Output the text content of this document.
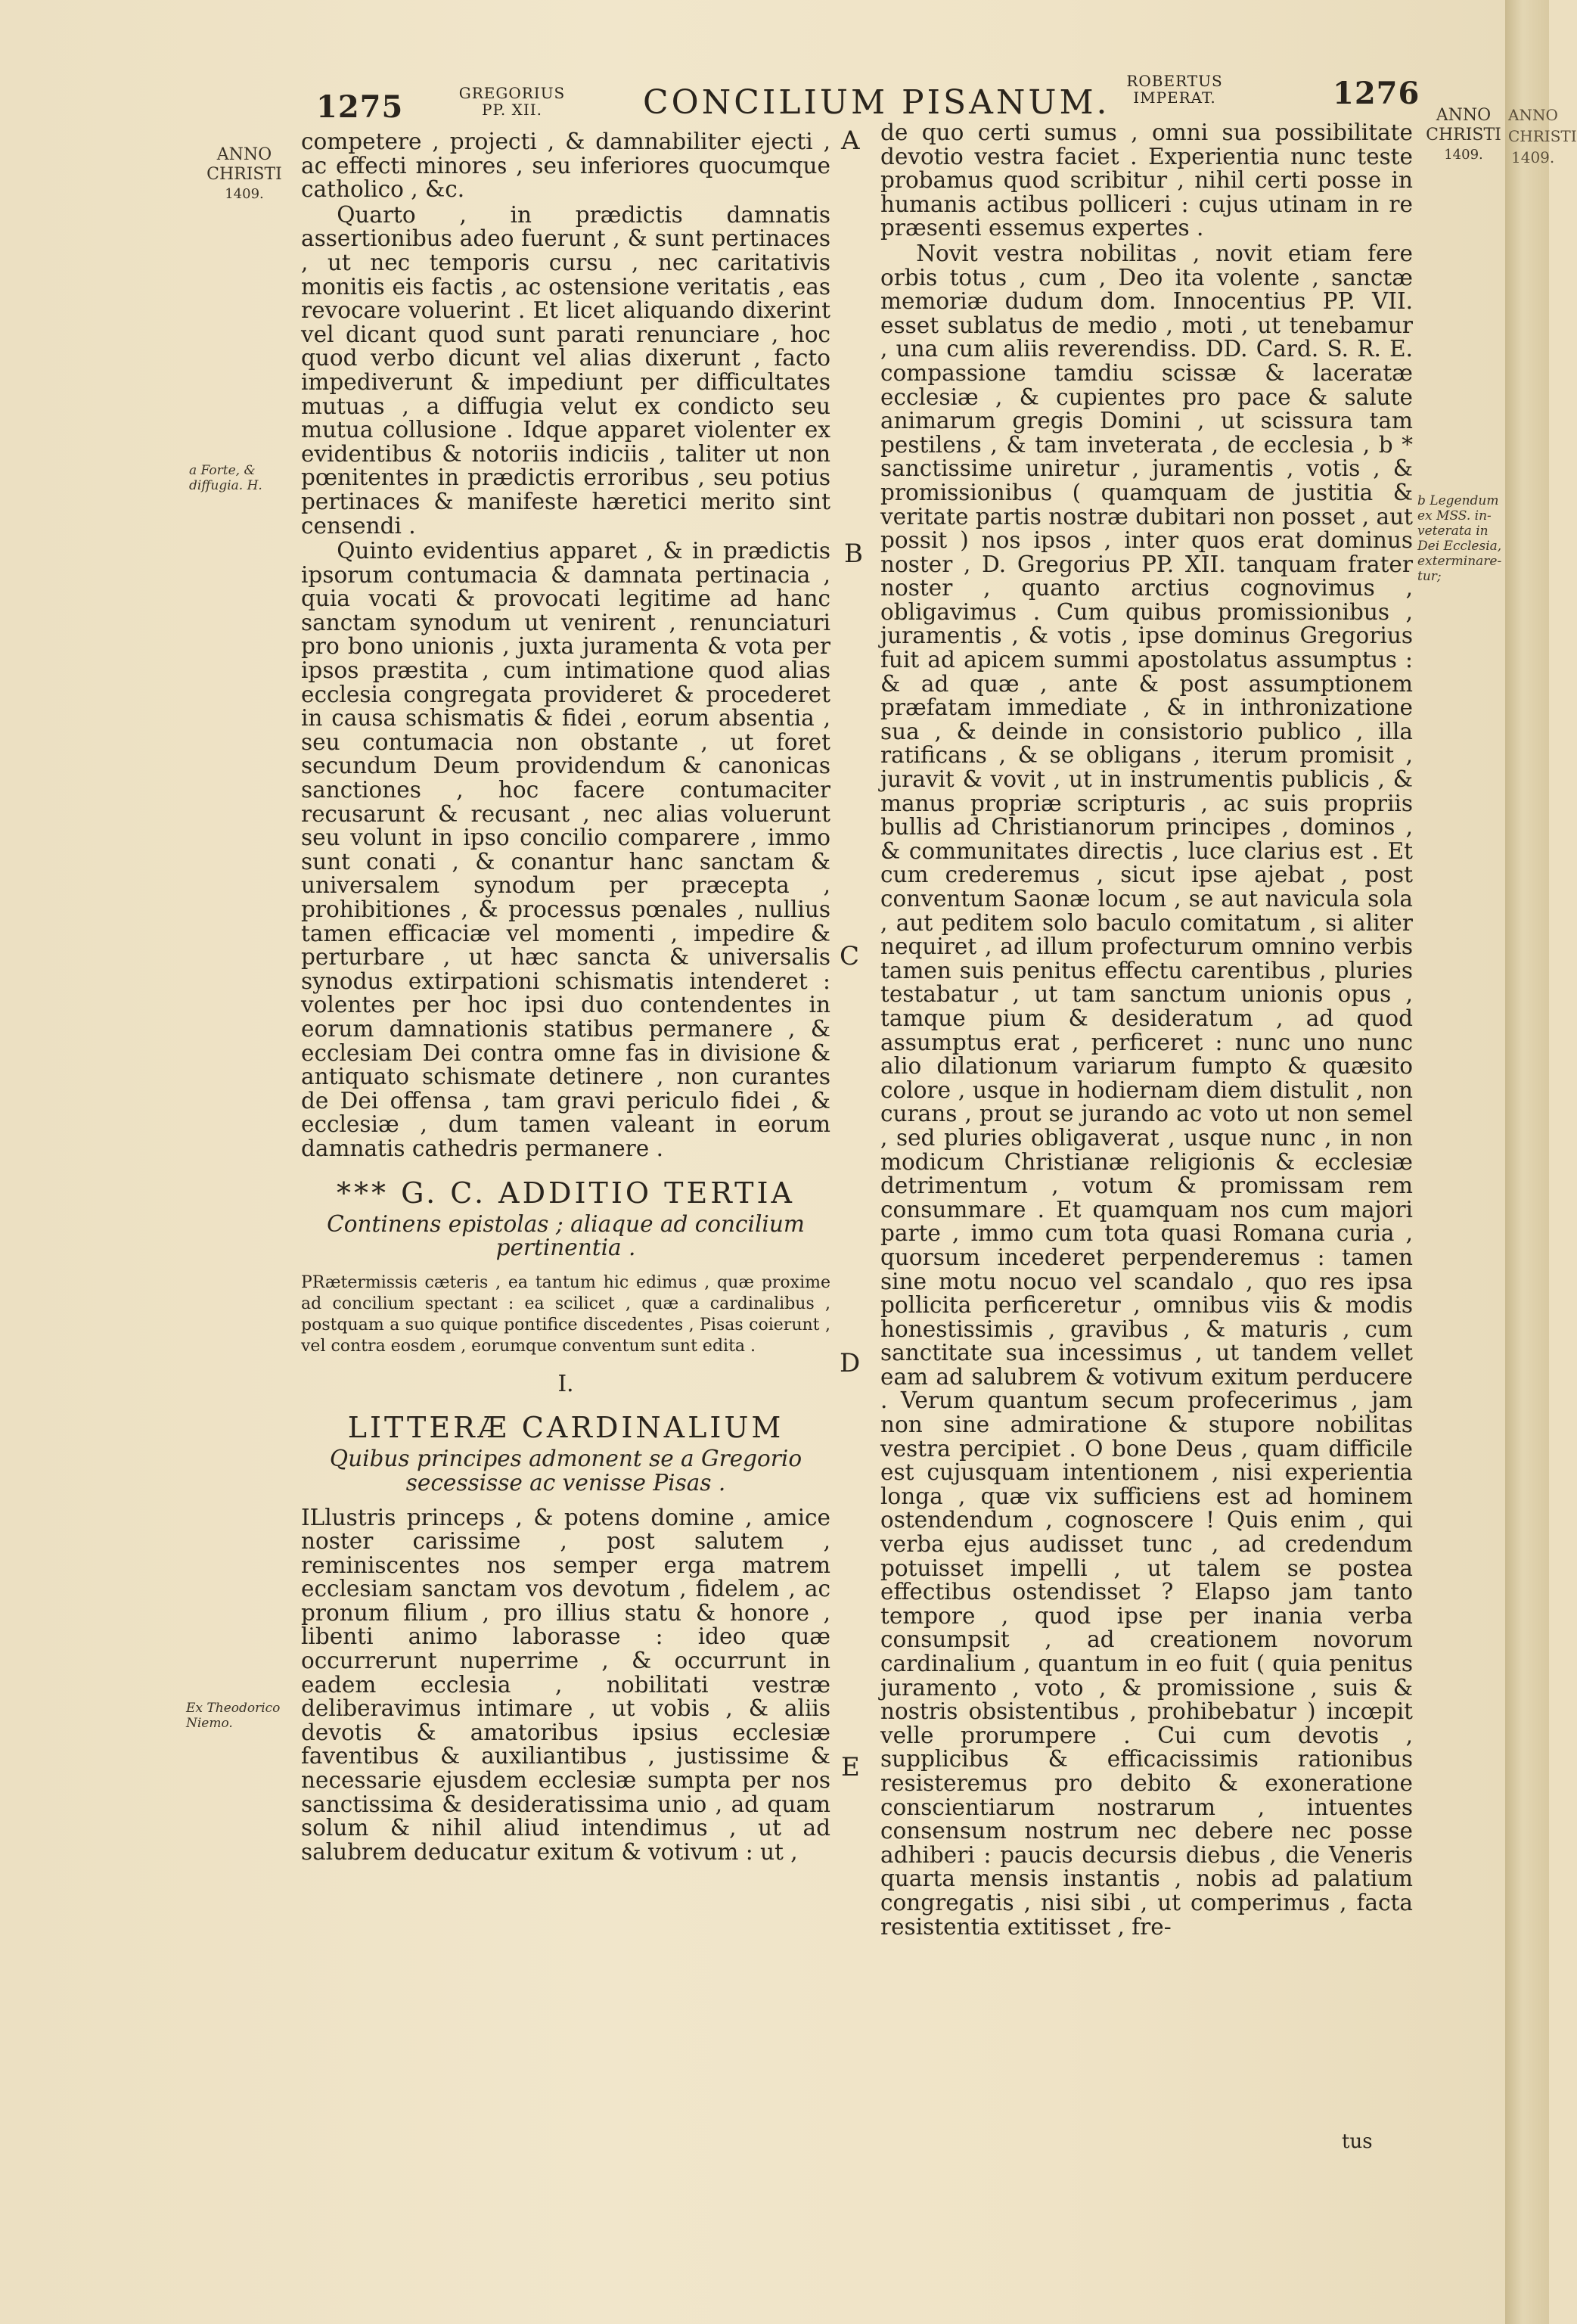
ANNO
CHRISTI
1409.
1275	GREGORIUS
PP. XII.	CONCILIUM PISANUM.
ROBERTUS
IMPERAT.	1276
ANNO
CHRISTI
1409.
a Forte, & diffugia. H.
Ex Theodorico Niemo.
ANNO
CHRISTI
1409.
b Legendum ex MSS. in-veterata in Dei Ecclesia, exterminare-tur;
A
B
C
D
E

competere , projecti , & damnabiliter ejecti , ac effecti minores , seu inferiores quocumque catholico , &c.

Quarto , in prædictis damnatis assertionibus adeo fuerunt , & sunt pertinaces , ut nec temporis cursu , nec caritativis monitis eis factis , ac ostensione veritatis , eas revocare voluerint . Et licet aliquando dixerint vel dicant quod sunt parati renunciare , hoc quod verbo dicunt vel alias dixerunt , facto impediverunt & impediunt per difficultates mutuas , a diffugia velut ex condicto seu mutua collusione . Idque apparet violenter ex evidentibus & notoriis indiciis , taliter ut non pœnitentes in prædictis erroribus , seu potius pertinaces & manifeste hæretici merito sint censendi .

Quinto evidentius apparet , & in prædictis ipsorum contumacia & damnata pertinacia , quia vocati & provocati legitime ad hanc sanctam synodum ut venirent , renunciaturi pro bono unionis , juxta juramenta & vota per ipsos præstita , cum intimatione quod alias ecclesia congregata provideret & procederet in causa schismatis & fidei , eorum absentia , seu contumacia non obstante , ut foret secundum Deum providendum & canonicas sanctiones , hoc facere contumaciter recusarunt & recusant , nec alias voluerunt seu volunt in ipso concilio comparere , immo sunt conati , & conantur hanc sanctam & universalem synodum per præcepta , prohibitiones , & processus pœnales , nullius tamen efficaciæ vel momenti , impedire & perturbare , ut hæc sancta & universalis synodus extirpationi schismatis intenderet : volentes per hoc ipsi duo contendentes in eorum damnationis statibus permanere , & ecclesiam Dei contra omne fas in divisione & antiquato schismate detinere , non curantes de Dei offensa , tam gravi periculo fidei , & ecclesiæ , dum tamen valeant in eorum damnatis cathedris permanere .

*** G. C. ADDITIO TERTIA

Continens epistolas ; aliaque ad concilium pertinentia .

PRætermissis cæteris , ea tantum hic edimus , quæ proxime ad concilium spectant : ea scilicet , quæ a cardinalibus , postquam a suo quique pontifice discedentes , Pisas coierunt , vel contra eosdem , eorumque conventum sunt edita .

I.

LITTERÆ CARDINALIUM

Quibus principes admonent se a Gregorio secessisse ac venisse Pisas .

ILlustris princeps , & potens domine , amice noster carissime , post salutem , reminiscentes nos semper erga matrem ecclesiam sanctam vos devotum , fidelem , ac pronum filium , pro illius statu & honore , libenti animo laborasse : ideo quæ occurrerunt nuperrime , & occurrunt in eadem ecclesia , nobilitati vestræ deliberavimus intimare , ut vobis , & aliis devotis & amatoribus ipsius ecclesiæ faventibus & auxiliantibus , justissime & necessarie ejusdem ecclesiæ sumpta per nos sanctissima & desideratissima unio , ad quam solum & nihil aliud intendimus , ut ad salubrem deducatur exitum & votivum : ut ,

de quo certi sumus , omni sua possibilitate devotio vestra faciet . Experientia nunc teste probamus quod scribitur , nihil certi posse in humanis actibus polliceri : cujus utinam in re præsenti essemus expertes .

Novit vestra nobilitas , novit etiam fere orbis totus , cum , Deo ita volente , sanctæ memoriæ dudum dom. Innocentius PP. VII. esset sublatus de medio , moti , ut tenebamur , una cum aliis reverendiss. DD. Card. S. R. E. compassione tamdiu scissæ & laceratæ ecclesiæ , & cupientes pro pace & salute animarum gregis Domini , ut scissura tam pestilens , & tam inveterata , de ecclesia , b * sanctissime uniretur , juramentis , votis , & promissionibus ( quamquam de justitia & veritate partis nostræ dubitari non posset , aut possit ) nos ipsos , inter quos erat dominus noster , D. Gregorius PP. XII. tanquam frater noster , quanto arctius cognovimus , obligavimus . Cum quibus promissionibus , juramentis , & votis , ipse dominus Gregorius fuit ad apicem summi apostolatus assumptus : & ad quæ , ante & post assumptionem præfatam immediate , & in inthronizatione sua , & deinde in consistorio publico , illa ratificans , & se obligans , iterum promisit , juravit & vovit , ut in instrumentis publicis , & manus propriæ scripturis , ac suis propriis bullis ad Christianorum principes , dominos , & communitates directis , luce clarius est . Et cum crederemus , sicut ipse ajebat , post conventum Saonæ locum , se aut navicula sola , aut peditem solo baculo comitatum , si aliter nequiret , ad illum profecturum omnino verbis tamen suis penitus effectu carentibus , pluries testabatur , ut tam sanctum unionis opus , tamque pium & desideratum , ad quod assumptus erat , perficeret : nunc uno nunc alio dilationum variarum fumpto & quæsito colore , usque in hodiernam diem distulit , non curans , prout se jurando ac voto ut non semel , sed pluries obligaverat , usque nunc , in non modicum Christianæ religionis & ecclesiæ detrimentum , votum & promissam rem consummare . Et quamquam nos cum majori parte , immo cum tota quasi Romana curia , quorsum incederet perpenderemus : tamen sine motu nocuo vel scandalo , quo res ipsa pollicita perficeretur , omnibus viis & modis honestissimis , gravibus , & maturis , cum sanctitate sua incessimus , ut tandem vellet eam ad salubrem & votivum exitum perducere . Verum quantum secum profecerimus , jam non sine admiratione & stupore nobilitas vestra percipiet . O bone Deus , quam difficile est cujusquam intentionem , nisi experientia longa , quæ vix sufficiens est ad hominem ostendendum , cognoscere ! Quis enim , qui verba ejus audisset tunc , ad credendum potuisset impelli , ut talem se postea effectibus ostendisset ? Elapso jam tanto tempore , quod ipse per inania verba consumpsit , ad creationem novorum cardinalium , quantum in eo fuit ( quia penitus juramento , voto , & promissione , suis & nostris obsistentibus , prohibebatur ) incœpit velle prorumpere . Cui cum devotis , supplicibus & efficacissimis rationibus resisteremus pro debito & exoneratione conscientiarum nostrarum , intuentes consensum nostrum nec debere nec posse adhiberi : paucis decursis diebus , die Veneris quarta mensis instantis , nobis ad palatium congregatis , nisi sibi , ut comperimus , facta resistentia extitisset , fre-

tus
